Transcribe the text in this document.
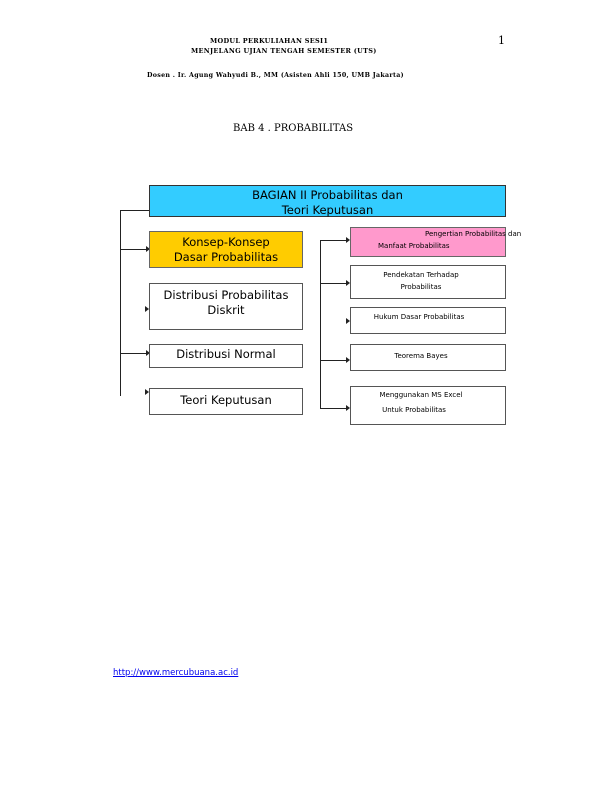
MODUL PERKULIAHAN SESI1
MENJELANG UJIAN TENGAH SEMESTER (UTS)
1
Dosen . Ir. Agung Wahyudi B., MM (Asisten Ahli 150, UMB Jakarta)
BAB 4 . PROBABILITAS
BAGIAN II Probabilitas dan
Teori Keputusan
Konsep-Konsep
Dasar Probabilitas
Distribusi Probabilitas
Diskrit
Distribusi Normal
Teori Keputusan
Pengertian Probabilitas dan
Manfaat Probabilitas
Pendekatan Terhadap
Probabilitas
Hukum Dasar Probabilitas
Teorema Bayes
Menggunakan MS Excel
Untuk Probabilitas
http://www.mercubuana.ac.id
